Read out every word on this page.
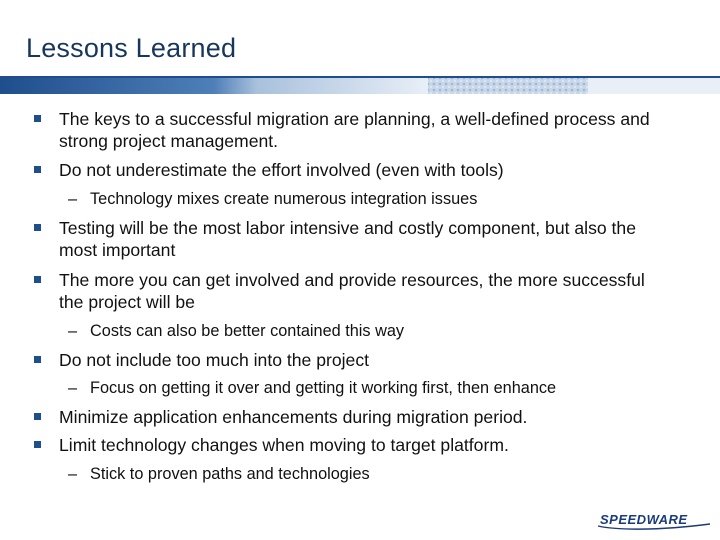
Lessons Learned
The keys to a successful migration are planning, a well-defined process and strong project management.
Do not underestimate the effort involved (even with tools)
– Technology mixes create numerous integration issues
Testing will be the most labor intensive and costly component, but also the most important
The more you can get involved and provide resources, the more successful the project will be
– Costs can also be better contained this way
Do not include too much into the project
– Focus on getting it over and getting it working first, then enhance
Minimize application enhancements during migration period.
Limit technology changes when moving to target platform.
– Stick to proven paths and technologies
SPEEDWARE
